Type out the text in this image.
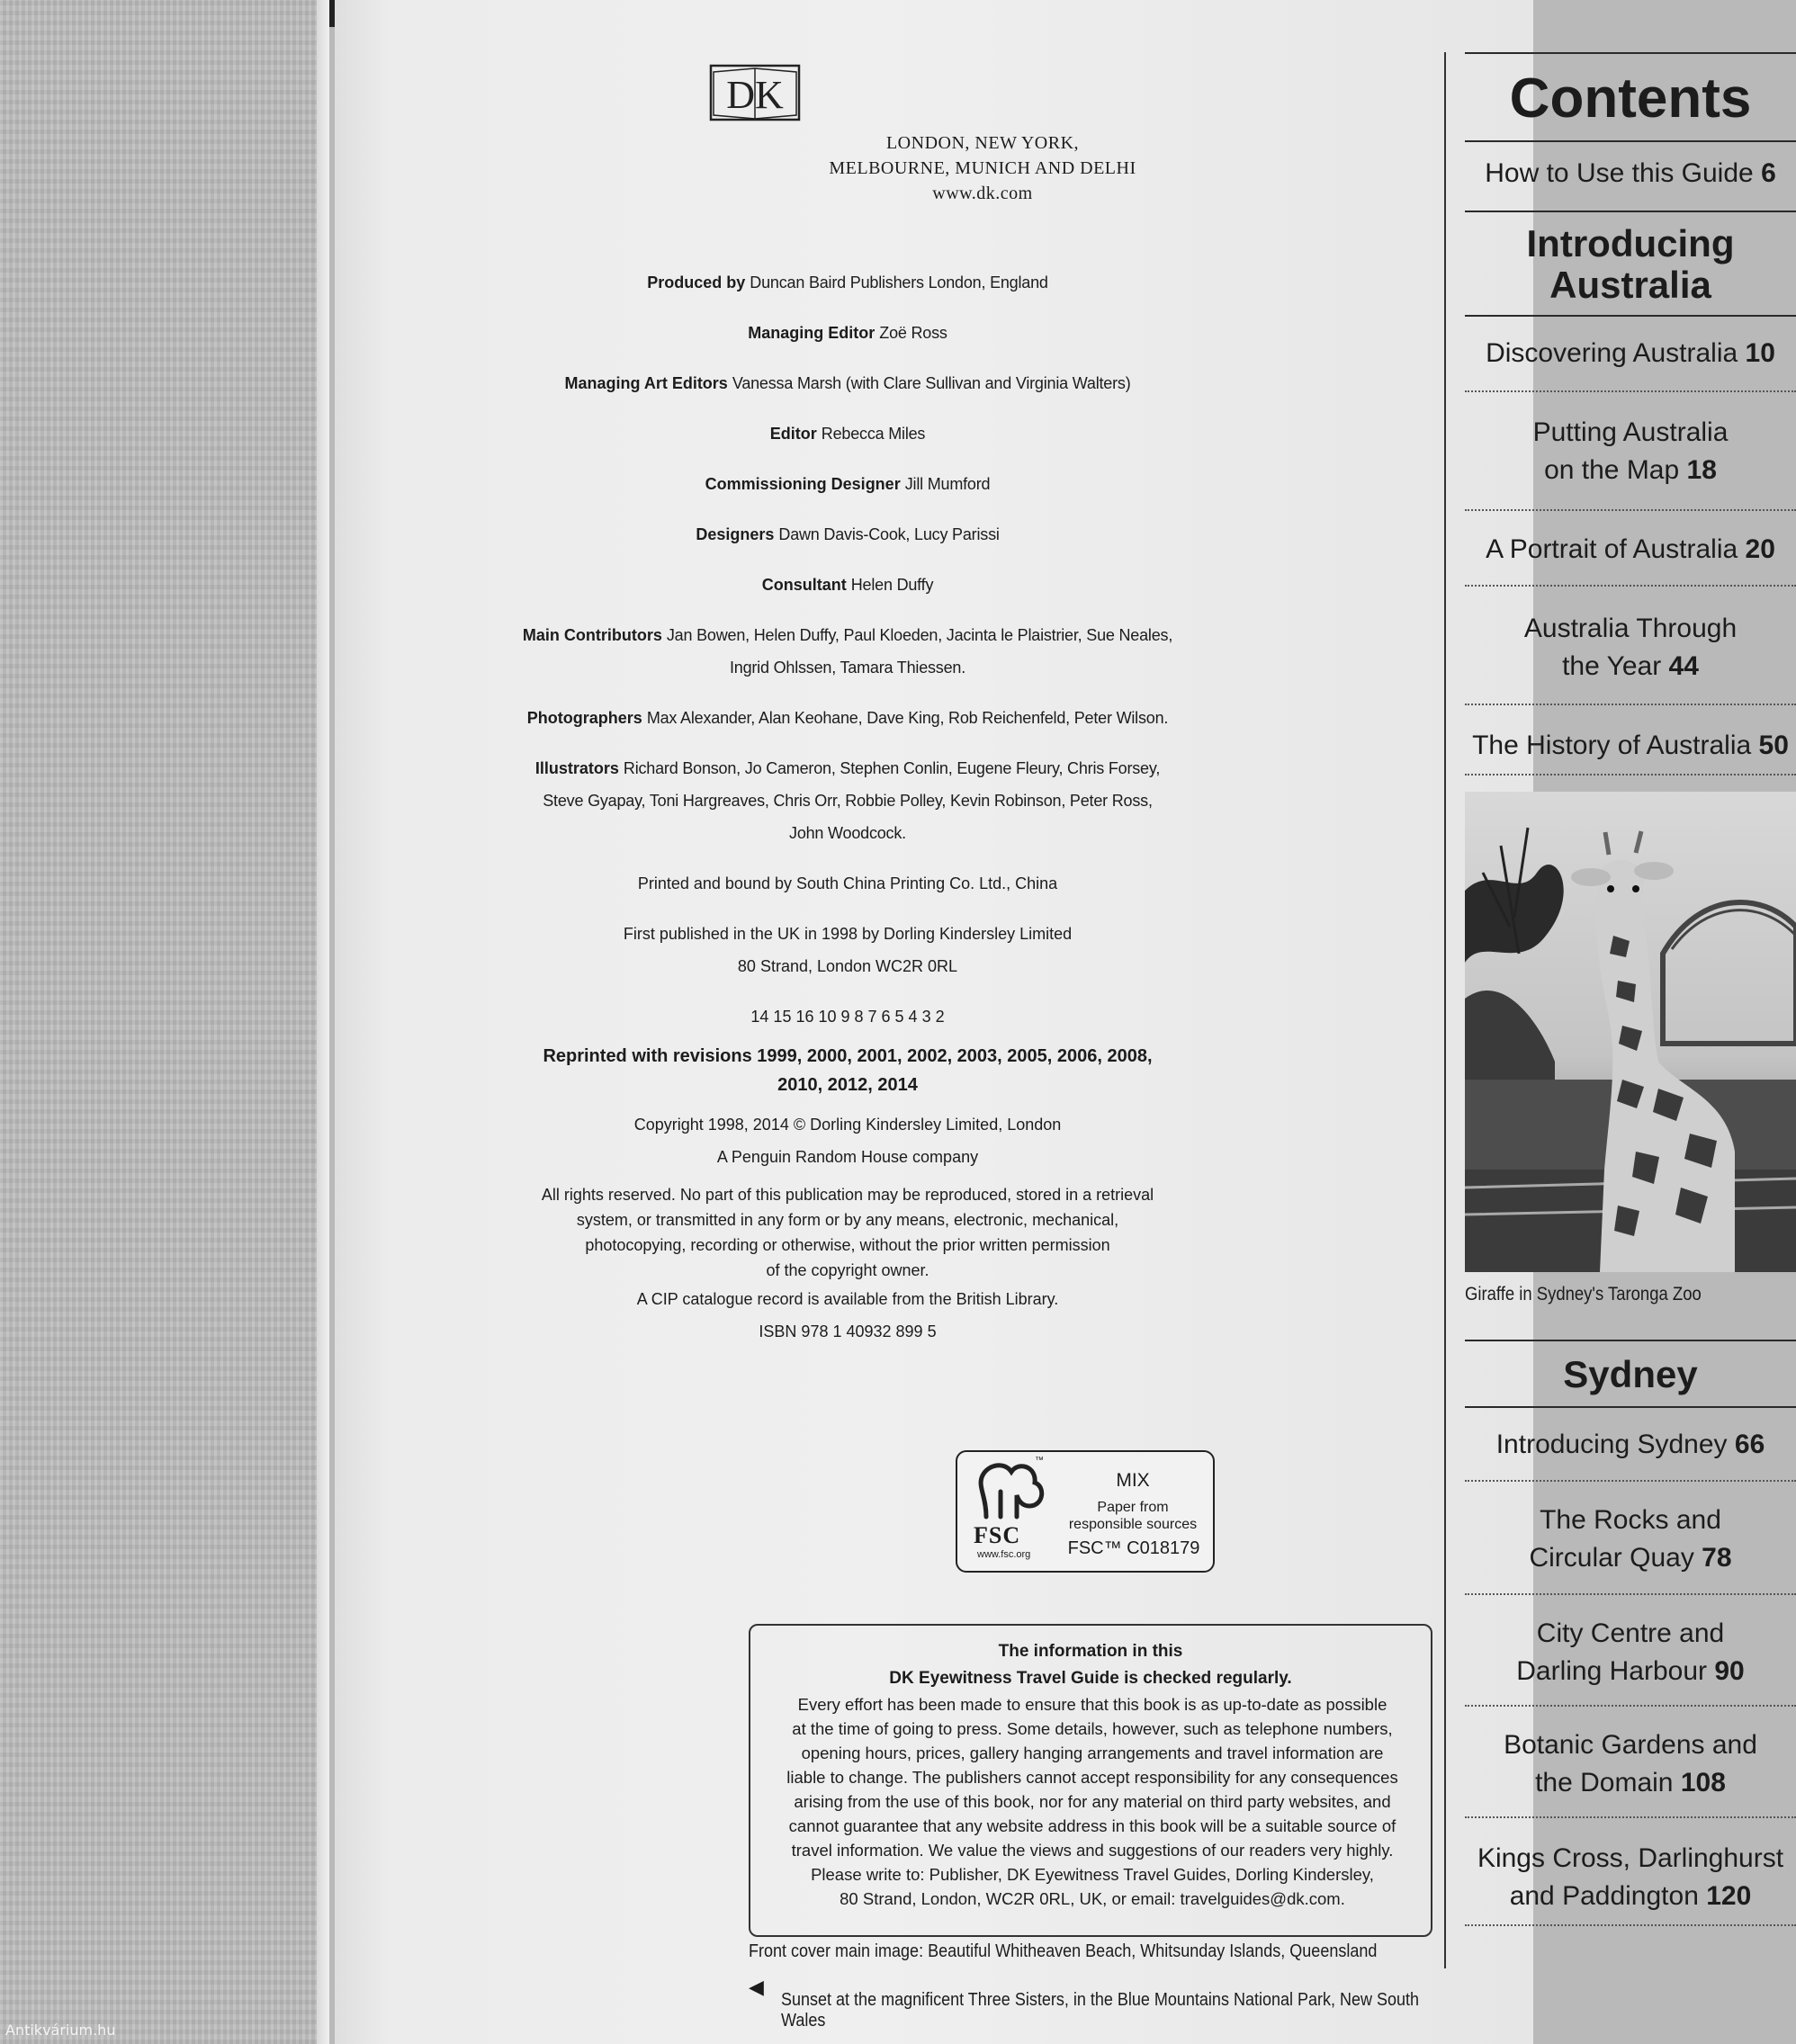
Antikvárium.hu
DK
LONDON, NEW YORK,
MELBOURNE, MUNICH AND DELHI
www.dk.com
Produced by Duncan Baird Publishers London, England
Managing Editor Zoë Ross
Managing Art Editors Vanessa Marsh (with Clare Sullivan and Virginia Walters)
Editor Rebecca Miles
Commissioning Designer Jill Mumford
Designers Dawn Davis-Cook, Lucy Parissi
Consultant Helen Duffy
Main Contributors Jan Bowen, Helen Duffy, Paul Kloeden, Jacinta le Plaistrier, Sue Neales,
Ingrid Ohlssen, Tamara Thiessen.
Photographers Max Alexander, Alan Keohane, Dave King, Rob Reichenfeld, Peter Wilson.
Illustrators Richard Bonson, Jo Cameron, Stephen Conlin, Eugene Fleury, Chris Forsey,
Steve Gyapay, Toni Hargreaves, Chris Orr, Robbie Polley, Kevin Robinson, Peter Ross,
John Woodcock.
Printed and bound by South China Printing Co. Ltd., China
First published in the UK in 1998 by Dorling Kindersley Limited
80 Strand, London WC2R 0RL
14 15 16 10 9 8 7 6 5 4 3 2
Reprinted with revisions 1999, 2000, 2001, 2002, 2003, 2005, 2006, 2008,
2010, 2012, 2014
Copyright 1998, 2014 © Dorling Kindersley Limited, London
A Penguin Random House company
All rights reserved. No part of this publication may be reproduced, stored in a retrieval
system, or transmitted in any form or by any means, electronic, mechanical,
photocopying, recording or otherwise, without the prior written permission
of the copyright owner.
A CIP catalogue record is available from the British Library.
ISBN 978 1 40932 899 5
™
FSC
www.fsc.org
MIX
Paper from
responsible sources
FSC™ C018179
The information in this
DK Eyewitness Travel Guide is checked regularly.
Every effort has been made to ensure that this book is as up-to-date as possible
at the time of going to press. Some details, however, such as telephone numbers,
opening hours, prices, gallery hanging arrangements and travel information are
liable to change. The publishers cannot accept responsibility for any consequences
arising from the use of this book, nor for any material on third party websites, and
cannot guarantee that any website address in this book will be a suitable source of
travel information. We value the views and suggestions of our readers very highly.
Please write to: Publisher, DK Eyewitness Travel Guides, Dorling Kindersley,
80 Strand, London, WC2R 0RL, UK, or email: travelguides@dk.com.
Front cover main image: Beautiful Whitheaven Beach, Whitsunday Islands, Queensland
◀
Sunset at the magnificent Three Sisters, in the Blue Mountains National Park, New South Wales
Contents
How to Use this Guide 6
Introducing
Australia
Discovering Australia 10
Putting Australia
on the Map 18
A Portrait of Australia 20
Australia Through
the Year 44
The History of Australia 50
Giraffe in Sydney's Taronga Zoo
Sydney
Introducing Sydney 66
The Rocks and
Circular Quay 78
City Centre and
Darling Harbour 90
Botanic Gardens and
the Domain 108
Kings Cross, Darlinghurst
and Paddington 120
